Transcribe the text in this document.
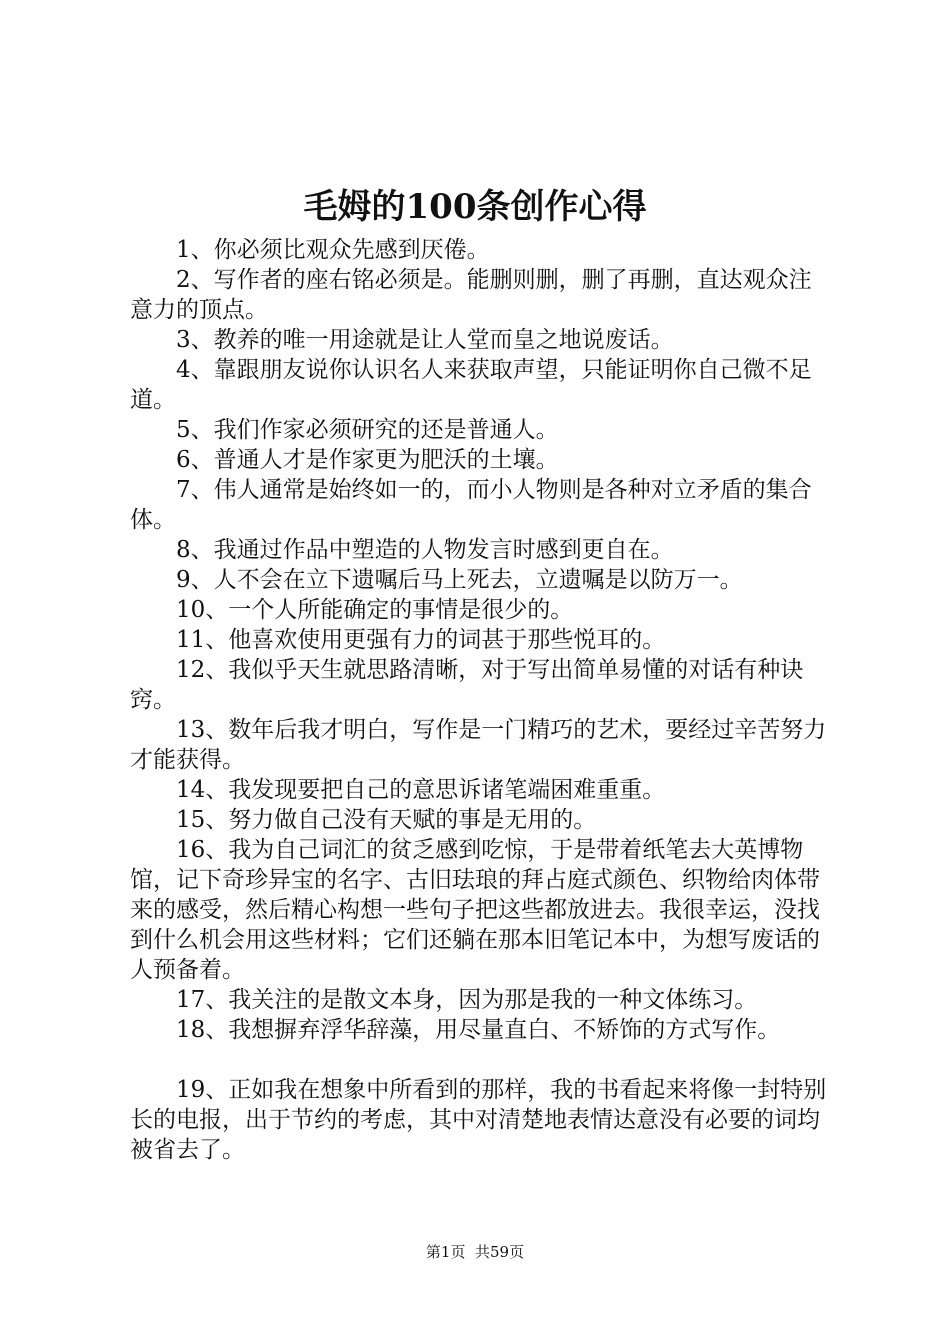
毛姆的100条创作心得

1、你必须比观众先感到厌倦。

2、写作者的座右铭必须是。能删则删，删了再删，直达观众注意力的顶点。

3、教养的唯一用途就是让人堂而皇之地说废话。

4、靠跟朋友说你认识名人来获取声望，只能证明你自己微不足道。

5、我们作家必须研究的还是普通人。

6、普通人才是作家更为肥沃的土壤。

7、伟人通常是始终如一的，而小人物则是各种对立矛盾的集合体。

8、我通过作品中塑造的人物发言时感到更自在。

9、人不会在立下遗嘱后马上死去，立遗嘱是以防万一。

10、一个人所能确定的事情是很少的。

11、他喜欢使用更强有力的词甚于那些悦耳的。

12、我似乎天生就思路清晰，对于写出简单易懂的对话有种诀窍。

13、数年后我才明白，写作是一门精巧的艺术，要经过辛苦努力才能获得。

14、我发现要把自己的意思诉诸笔端困难重重。

15、努力做自己没有天赋的事是无用的。

16、我为自己词汇的贫乏感到吃惊，于是带着纸笔去大英博物馆，记下奇珍异宝的名字、古旧珐琅的拜占庭式颜色、织物给肉体带来的感受，然后精心构想一些句子把这些都放进去。我很幸运，没找到什么机会用这些材料；它们还躺在那本旧笔记本中，为想写废话的人预备着。

17、我关注的是散文本身，因为那是我的一种文体练习。

18、我想摒弃浮华辞藻，用尽量直白、不矫饰的方式写作。

19、正如我在想象中所看到的那样，我的书看起来将像一封特别长的电报，出于节约的考虑，其中对清楚地表情达意没有必要的词均被省去了。

第1页 共59页
